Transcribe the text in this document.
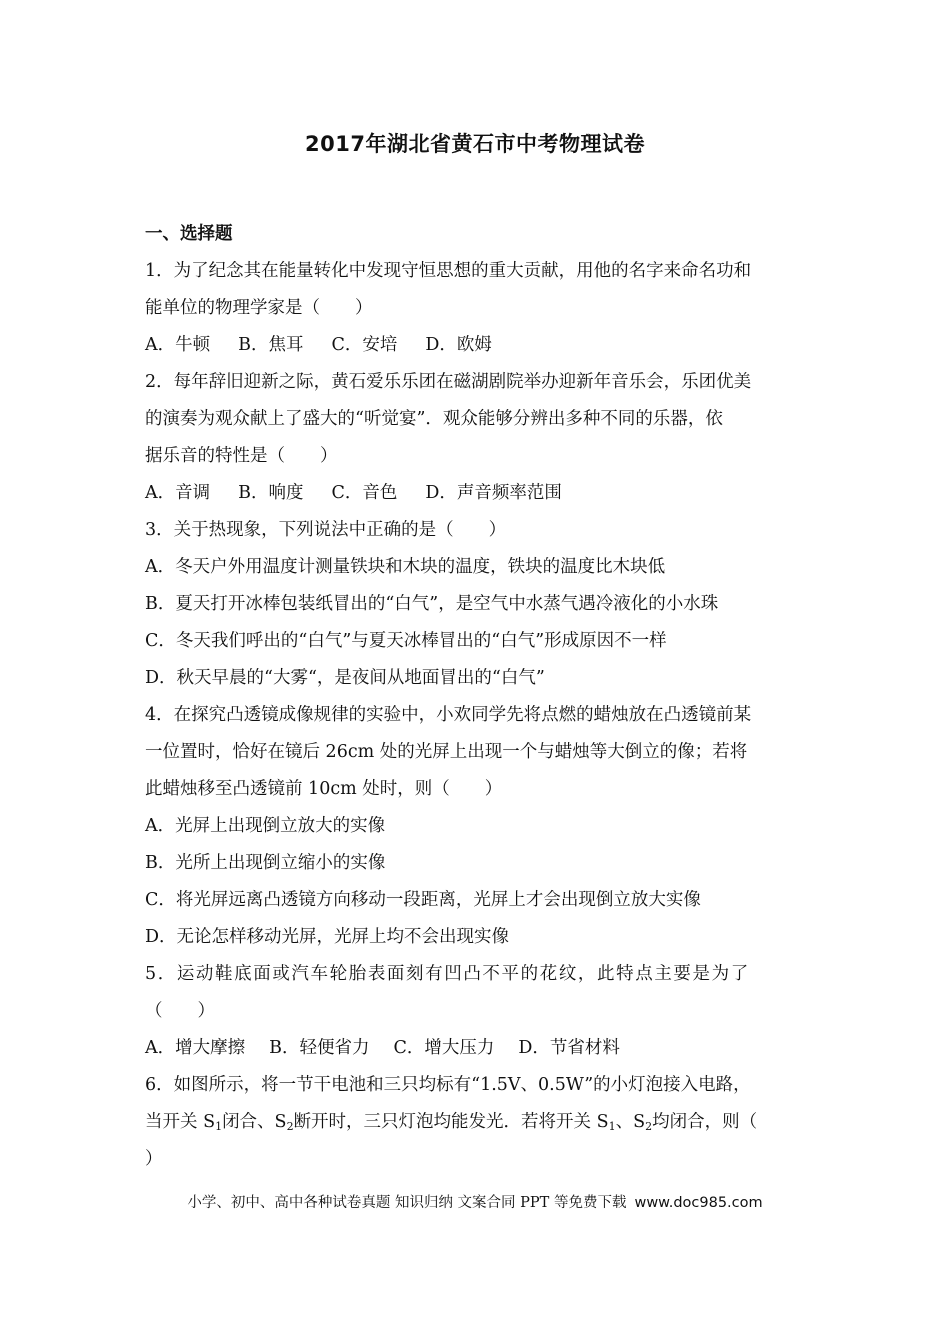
2017年湖北省黄石市中考物理试卷
一、选择题
1．为了纪念其在能量转化中发现守恒思想的重大贡献，用他的名字来命名功和
能单位的物理学家是（　　）
A．牛顿 B．焦耳 C．安培 D．欧姆
2．每年辞旧迎新之际，黄石爱乐乐团在磁湖剧院举办迎新年音乐会，乐团优美
的演奏为观众献上了盛大的“听觉宴”．观众能够分辨出多种不同的乐器，依
据乐音的特性是（　　）
A．音调 B．响度 C．音色 D．声音频率范围
3．关于热现象，下列说法中正确的是（　　）
A．冬天户外用温度计测量铁块和木块的温度，铁块的温度比木块低
B．夏天打开冰棒包装纸冒出的“白气”，是空气中水蒸气遇冷液化的小水珠
C．冬天我们呼出的“白气”与夏天冰棒冒出的“白气”形成原因不一样
D．秋天早晨的“大雾“，是夜间从地面冒出的“白气”
4．在探究凸透镜成像规律的实验中，小欢同学先将点燃的蜡烛放在凸透镜前某
一位置时，恰好在镜后 26cm 处的光屏上出现一个与蜡烛等大倒立的像；若将
此蜡烛移至凸透镜前 10cm 处时，则（　　）
A．光屏上出现倒立放大的实像
B．光所上出现倒立缩小的实像
C．将光屏远离凸透镜方向移动一段距离，光屏上才会出现倒立放大实像
D．无论怎样移动光屏，光屏上均不会出现实像
5．运动鞋底面或汽车轮胎表面刻有凹凸不平的花纹，此特点主要是为了
（　　）
A．增大摩擦 B．轻便省力 C．增大压力 D．节省材料
6．如图所示，将一节干电池和三只均标有“1.5V、0.5W”的小灯泡接入电路，
当开关 $S_1$闭合、$S_2$断开时，三只灯泡均能发光．若将开关 $S_1$、$S_2$均闭合，则（
）
小学、初中、高中各种试卷真题 知识归纳 文案合同 PPT 等免费下载 www.doc985.com
